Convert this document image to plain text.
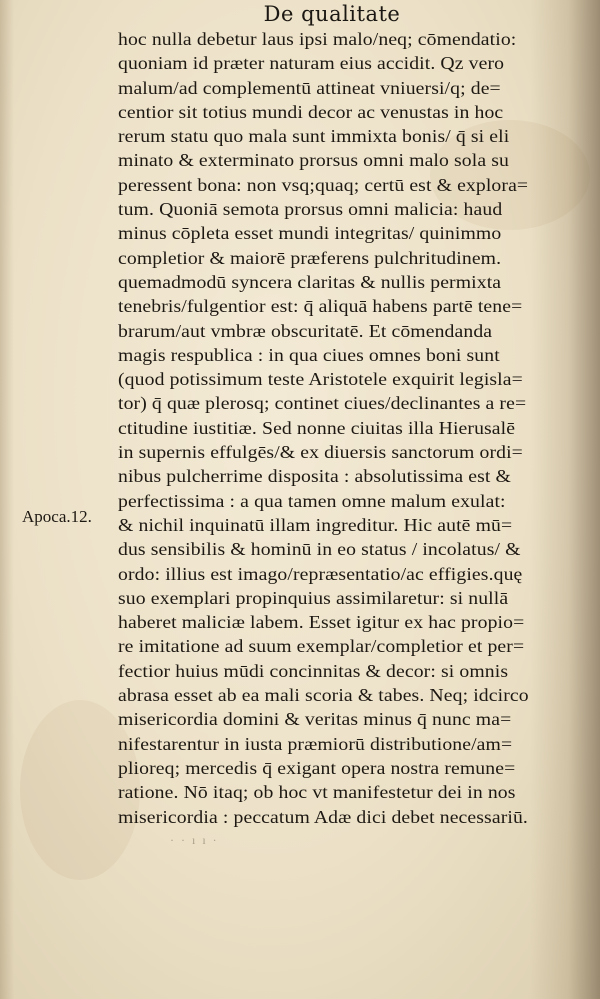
De qualitate
Apoca.12.
hoc nulla debetur laus ipsi malo/neq; cōmendatio:
quoniam id præter naturam eius accidit. Qz vero
malum/ad complementū attineat vniuersi/q; de=
centior sit totius mundi decor ac venustas in hoc
rerum statu quo mala sunt immixta bonis/ q̄ si eli
minato & exterminato prorsus omni malo sola su
peressent bona: non vsq;quaq; certū est & explora=
tum. Quoniā semota prorsus omni malicia: haud
minus cōpleta esset mundi integritas/ quinimmo
completior & maiorē præferens pulchritudinem.
quemadmodū syncera claritas & nullis permixta
tenebris/fulgentior est: q̄ aliquā habens partē tene=
brarum/aut vmbræ obscuritatē. Et cōmendanda
magis respublica : in qua ciues omnes boni sunt
(quod potissimum teste Aristotele exquirit legisla=
tor) q̄ quæ plerosq; continet ciues/declinantes a re=
ctitudine iustitiæ. Sed nonne ciuitas illa Hierusalē
in supernis effulgēs/& ex diuersis sanctorum ordi=
nibus pulcherrime disposita : absolutissima est &
perfectissima : a qua tamen omne malum exulat:
& nichil inquinatū illam ingreditur. Hic autē mū=
dus sensibilis & hominū in eo status / incolatus/ &
ordo: illius est imago/repræsentatio/ac effigies.quę
suo exemplari propinquius assimilaretur: si nullā
haberet maliciæ labem. Esset igitur ex hac propio=
re imitatione ad suum exemplar/completior et per=
fectior huius mūdi concinnitas & decor: si omnis
abrasa esset ab ea mali scoria & tabes. Neq; idcirco
misericordia domini & veritas minus q̄ nunc ma=
nifestarentur in iusta præmiorū distributione/am=
plioreq; mercedis q̄ exigant opera nostra remune=
ratione. Nō itaq; ob hoc vt manifestetur dei in nos
misericordia : peccatum Adæ dici debet necessariū.
· · ı ı ·
